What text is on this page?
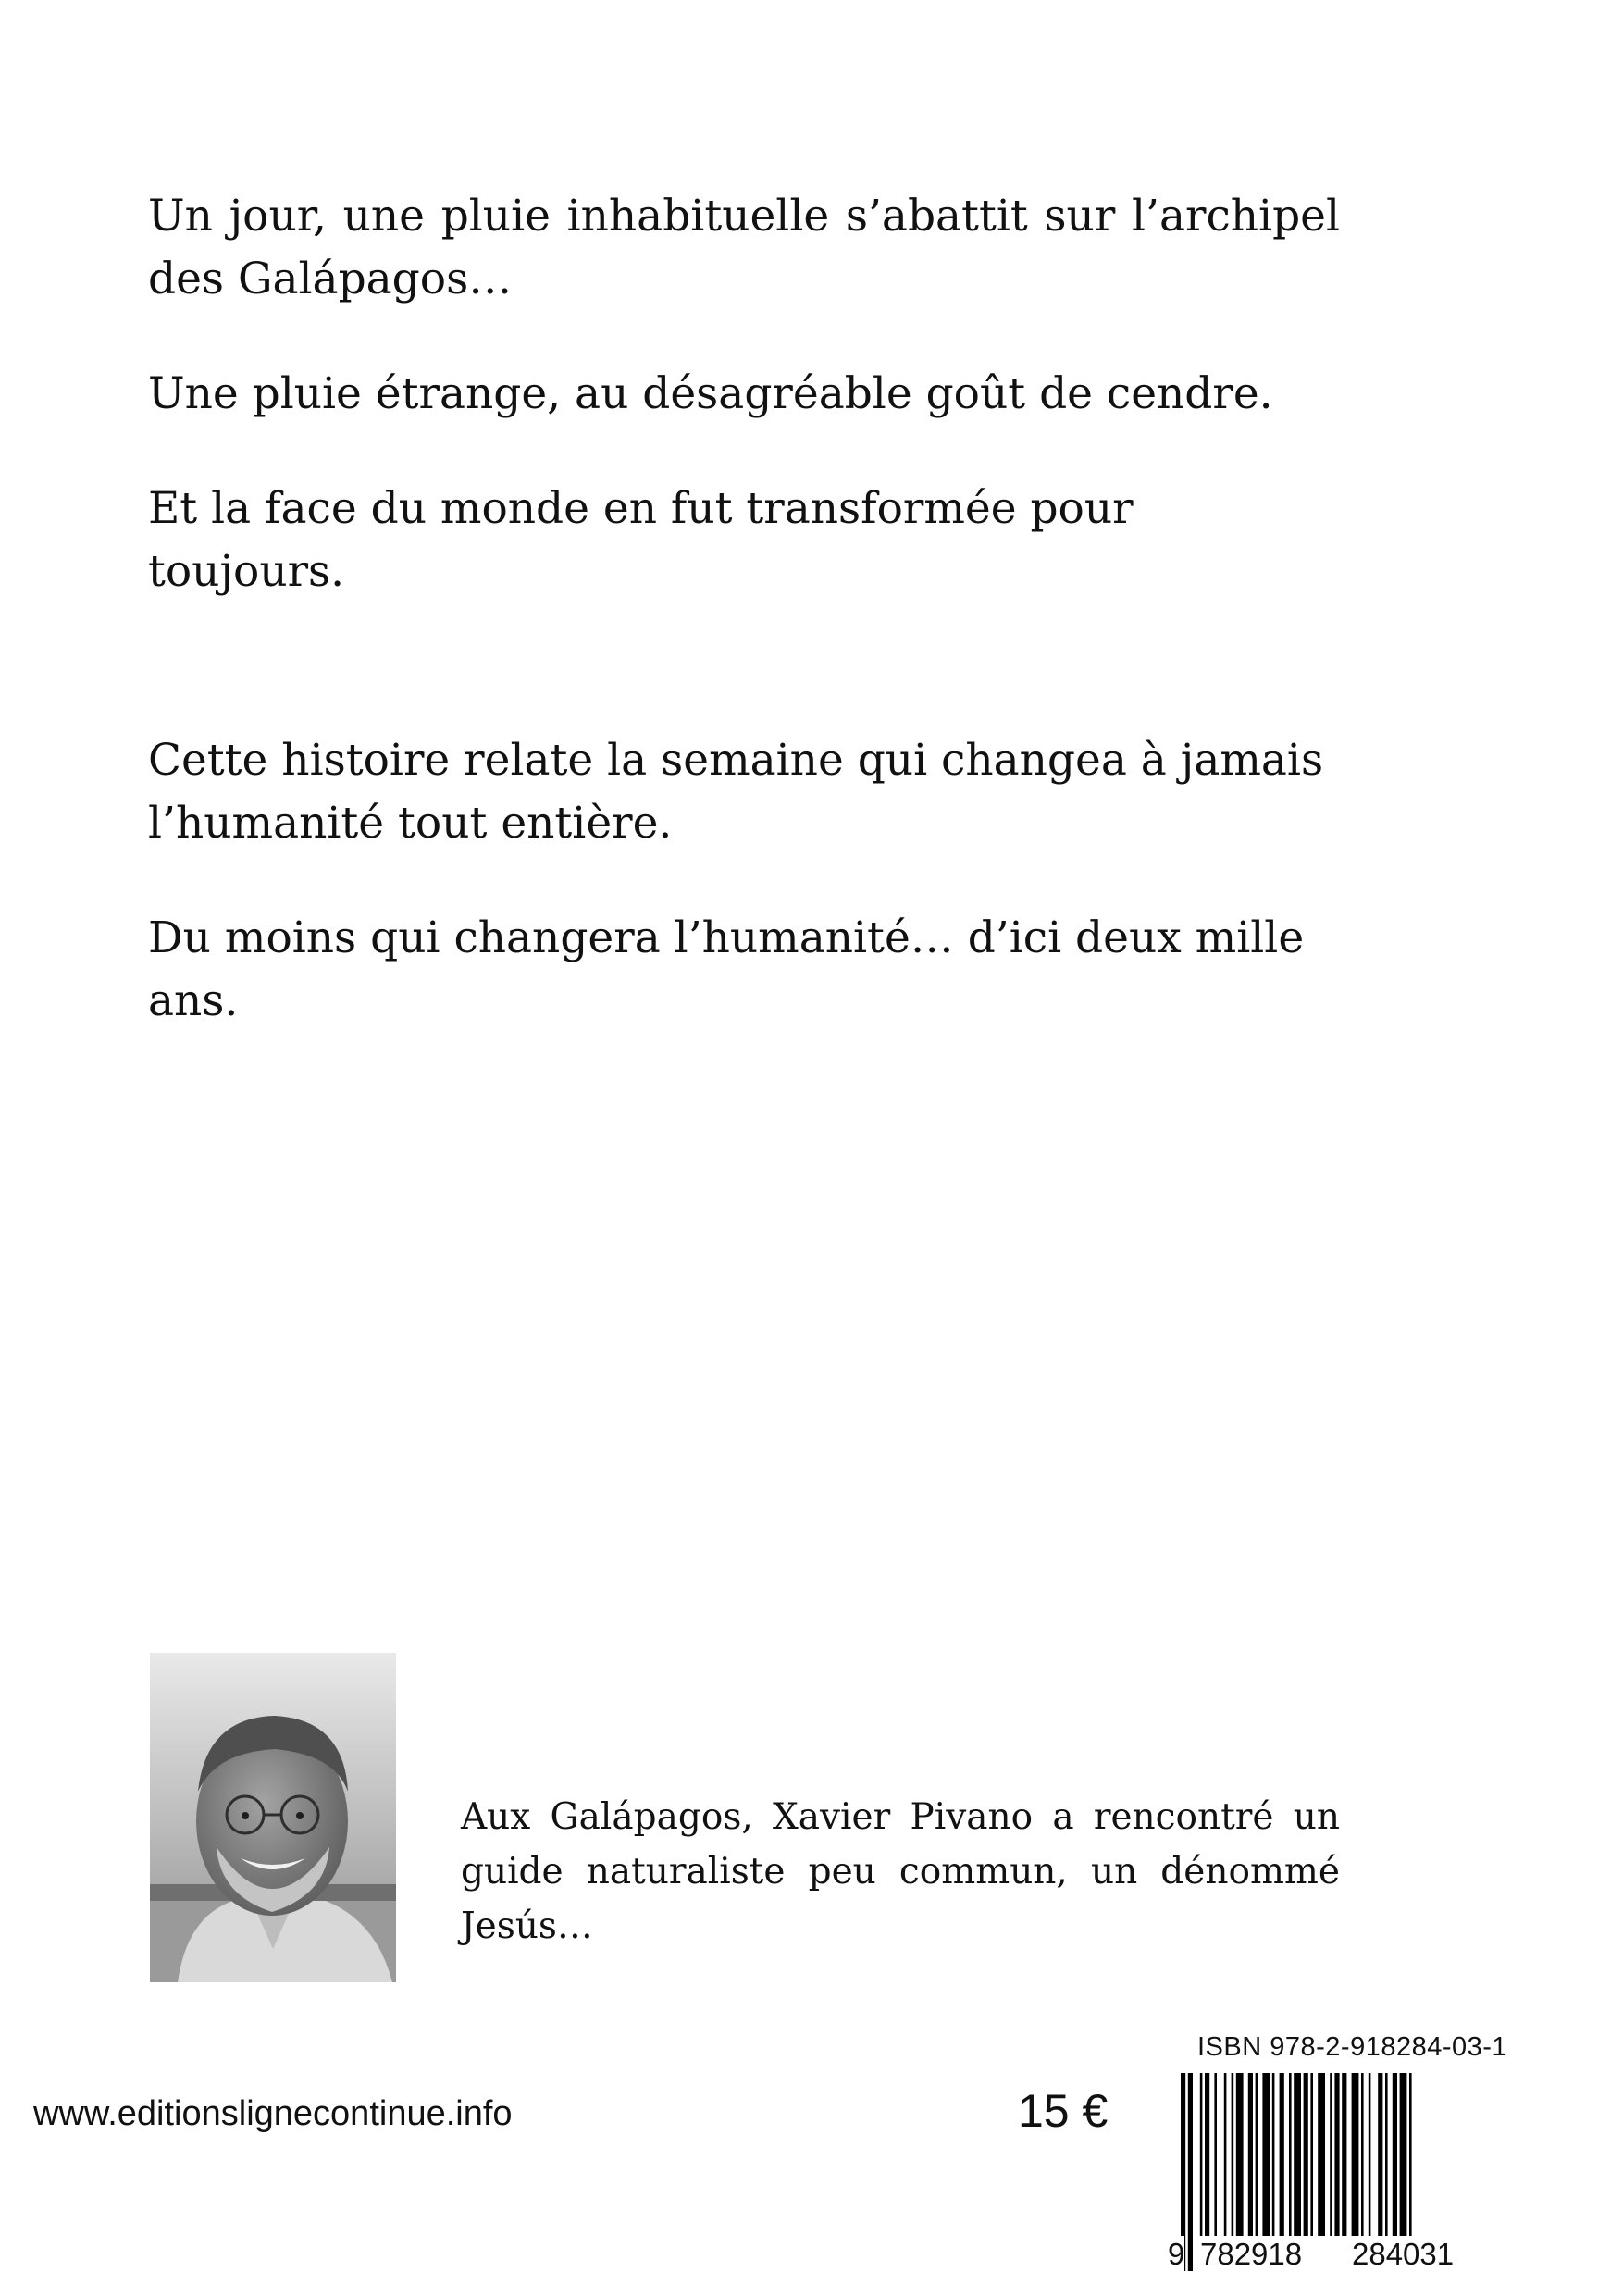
Un jour, une pluie inhabituelle s’abattit sur l’archipel des Galápagos…

Une pluie étrange, au désagréable goût de cendre.

Et la face du monde en fut transformée pour toujours.

Cette histoire relate la semaine qui changea à jamais l’humanité tout entière.

Du moins qui changera l’humanité… d’ici deux mille ans.

Aux Galápagos, Xavier Pivano a rencontré un guide naturaliste peu commun, un dénommé Jesús…

ISBN 978-2-918284-03-1
9 782918 284031
www.editionslignecontinue.info	15 €
